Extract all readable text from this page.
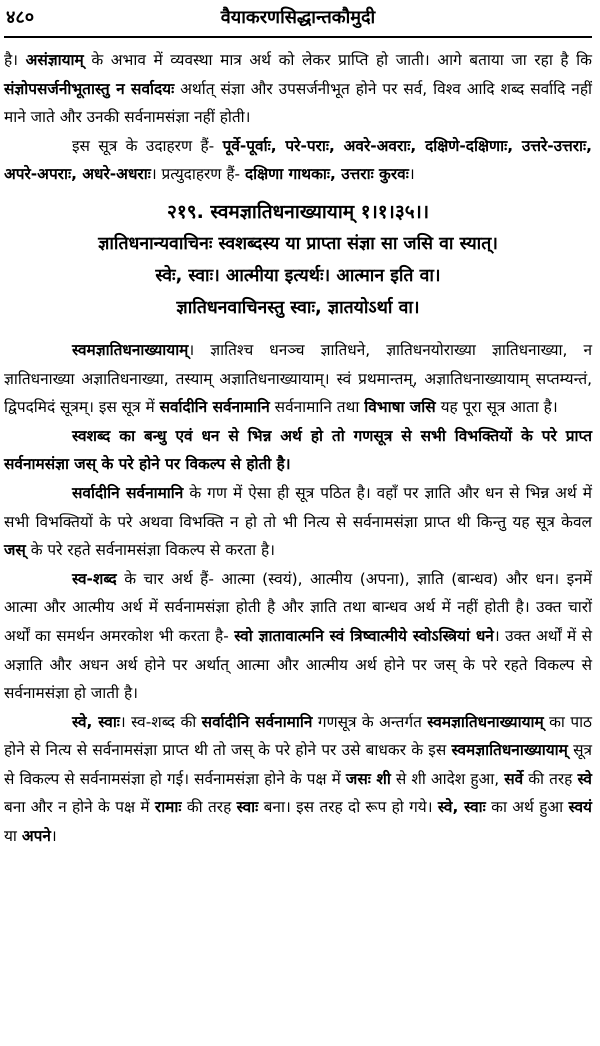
४८०	वैयाकरणसिद्धान्तकौमुदी

है। असंज्ञायाम् के अभाव में व्यवस्था मात्र अर्थ को लेकर प्राप्ति हो जाती। आगे बताया जा रहा है कि संज्ञोपसर्जनीभूतास्तु न सर्वादयः अर्थात् संज्ञा और उपसर्जनीभूत होने पर सर्व, विश्व आदि शब्द सर्वादि नहीं माने जाते और उनकी सर्वनामसंज्ञा नहीं होती।

इस सूत्र के उदाहरण हैं- पूर्वे-पूर्वाः, परे-पराः, अवरे-अवराः, दक्षिणे-दक्षिणाः, उत्तरे-उत्तराः, अपरे-अपराः, अधरे-अधराः। प्रत्युदाहरण हैं- दक्षिणा गाथकाः, उत्तराः कुरवः।

२१९. स्वमज्ञातिधनाख्यायाम् १।१।३५।।
ज्ञातिधनान्यवाचिनः स्वशब्दस्य या प्राप्ता संज्ञा सा जसि वा स्यात्।
स्वेः, स्वाः। आत्मीया इत्यर्थः। आत्मान इति वा।
ज्ञातिधनवाचिनस्तु स्वाः, ज्ञातयोऽर्था वा।

स्वमज्ञातिधनाख्यायाम्। ज्ञातिश्च धनञ्च ज्ञातिधने, ज्ञातिधनयोराख्या ज्ञातिधनाख्या, न ज्ञातिधनाख्या अज्ञातिधनाख्या, तस्याम् अज्ञातिधनाख्यायाम्। स्वं प्रथमान्तम्, अज्ञातिधनाख्यायाम् सप्तम्यन्तं, द्विपदमिदं सूत्रम्। इस सूत्र में सर्वादीनि सर्वनामानि सर्वनामानि तथा विभाषा जसि यह पूरा सूत्र आता है।

स्वशब्द का बन्धु एवं धन से भिन्न अर्थ हो तो गणसूत्र से सभी विभक्तियों के परे प्राप्त सर्वनामसंज्ञा जस् के परे होने पर विकल्प से होती है।

सर्वादीनि सर्वनामानि के गण में ऐसा ही सूत्र पठित है। वहाँ पर ज्ञाति और धन से भिन्न अर्थ में सभी विभक्तियों के परे अथवा विभक्ति न हो तो भी नित्य से सर्वनामसंज्ञा प्राप्त थी किन्तु यह सूत्र केवल जस् के परे रहते सर्वनामसंज्ञा विकल्प से करता है।

स्व-शब्द के चार अर्थ हैं- आत्मा (स्वयं), आत्मीय (अपना), ज्ञाति (बान्धव) और धन। इनमें आत्मा और आत्मीय अर्थ में सर्वनामसंज्ञा होती है और ज्ञाति तथा बान्धव अर्थ में नहीं होती है। उक्त चारों अर्थों का समर्थन अमरकोश भी करता है- स्वो ज्ञातावात्मनि स्वं त्रिष्वात्मीये स्वोऽस्त्रियां धने। उक्त अर्थों में से अज्ञाति और अधन अर्थ होने पर अर्थात् आत्मा और आत्मीय अर्थ होने पर जस् के परे रहते विकल्प से सर्वनामसंज्ञा हो जाती है।

स्वे, स्वाः। स्व-शब्द की सर्वादीनि सर्वनामानि गणसूत्र के अन्तर्गत स्वमज्ञातिधनाख्यायाम् का पाठ होने से नित्य से सर्वनामसंज्ञा प्राप्त थी तो जस् के परे होने पर उसे बाधकर के इस स्वमज्ञातिधनाख्यायाम् सूत्र से विकल्प से सर्वनामसंज्ञा हो गई। सर्वनामसंज्ञा होने के पक्ष में जसः शी से शी आदेश हुआ, सर्वे की तरह स्वे बना और न होने के पक्ष में रामाः की तरह स्वाः बना। इस तरह दो रूप हो गये। स्वे, स्वाः का अर्थ हुआ स्वयं या अपने।
